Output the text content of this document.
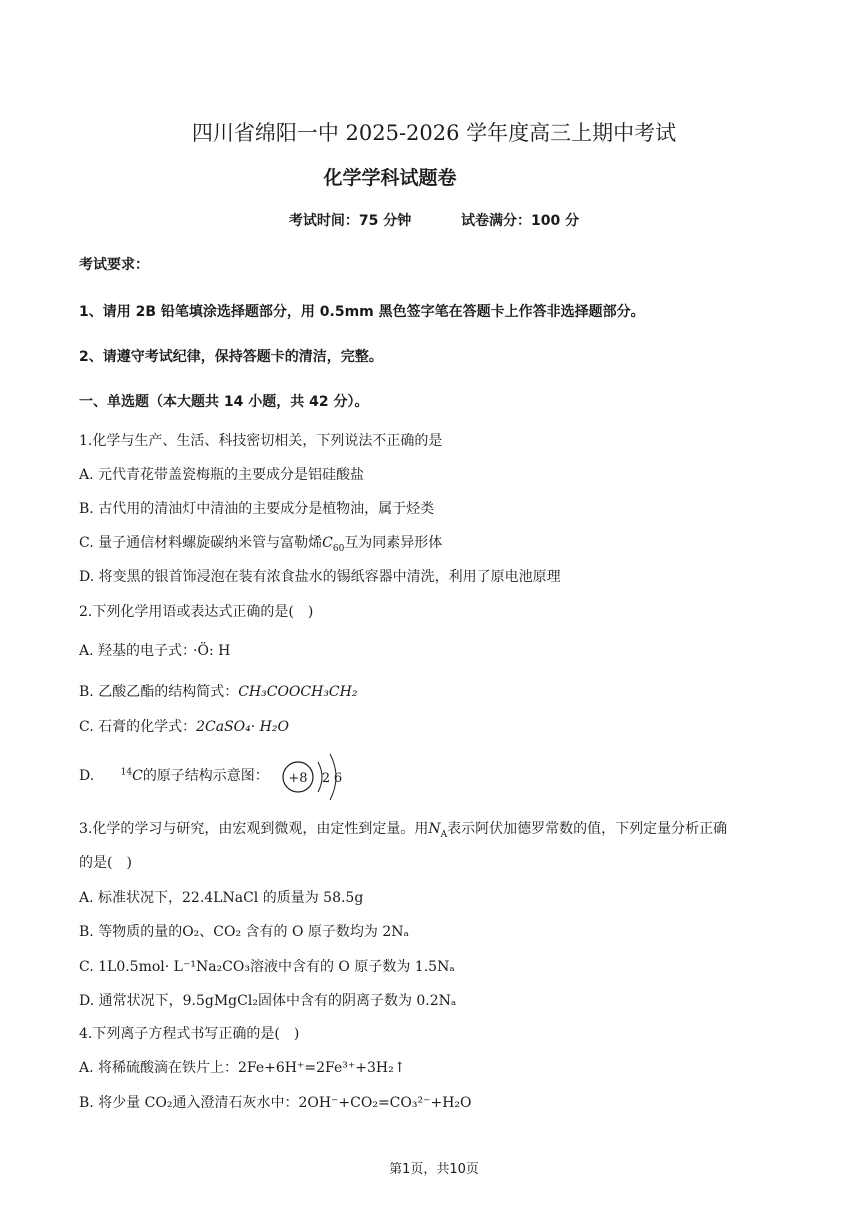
四川省绵阳一中 2025-2026 学年度高三上期中考试
化学学科试题卷
考试时间：75 分钟	试卷满分：100 分
考试要求：
1、请用 2B 铅笔填涂选择题部分，用 0.5mm 黑色签字笔在答题卡上作答非选择题部分。
2、请遵守考试纪律，保持答题卡的清洁，完整。
一、单选题（本大题共 14 小题，共 42 分）。
1.化学与生产、生活、科技密切相关，下列说法不正确的是
A. 元代青花带盖瓷梅瓶的主要成分是铝硅酸盐
B. 古代用的清油灯中清油的主要成分是植物油，属于烃类
C. 量子通信材料螺旋碳纳米管与富勒烯$C_{60}$互为同素异形体
D. 将变黑的银首饰浸泡在装有浓食盐水的锡纸容器中清洗，利用了原电池原理
2.下列化学用语或表达式正确的是(　)
A. 羟基的电子式： ·Ö: H
B. 乙酸乙酯的结构简式：CH₃COOCH₃CH₂
C. 石膏的化学式：2CaSO₄· H₂O
D.	$^{14}$C的原子结构示意图： +8 2 6
3.化学的学习与研究，由宏观到微观，由定性到定量。用$N_A$表示阿伏加德罗常数的值，下列定量分析正确
的是(　)
A. 标准状况下，22.4LNaCl 的质量为 58.5g
B. 等物质的量的O₂、CO₂ 含有的 O 原子数均为 2Nₐ
C. 1L0.5mol· L⁻¹Na₂CO₃溶液中含有的 O 原子数为 1.5Nₐ
D. 通常状况下，9.5gMgCl₂固体中含有的阴离子数为 0.2Nₐ
4.下列离子方程式书写正确的是(　)
A. 将稀硫酸滴在铁片上：2Fe+6H⁺=2Fe³⁺+3H₂↑
B. 将少量 CO₂通入澄清石灰水中：2OH⁻+CO₂=CO₃²⁻+H₂O
第1页，共10页
